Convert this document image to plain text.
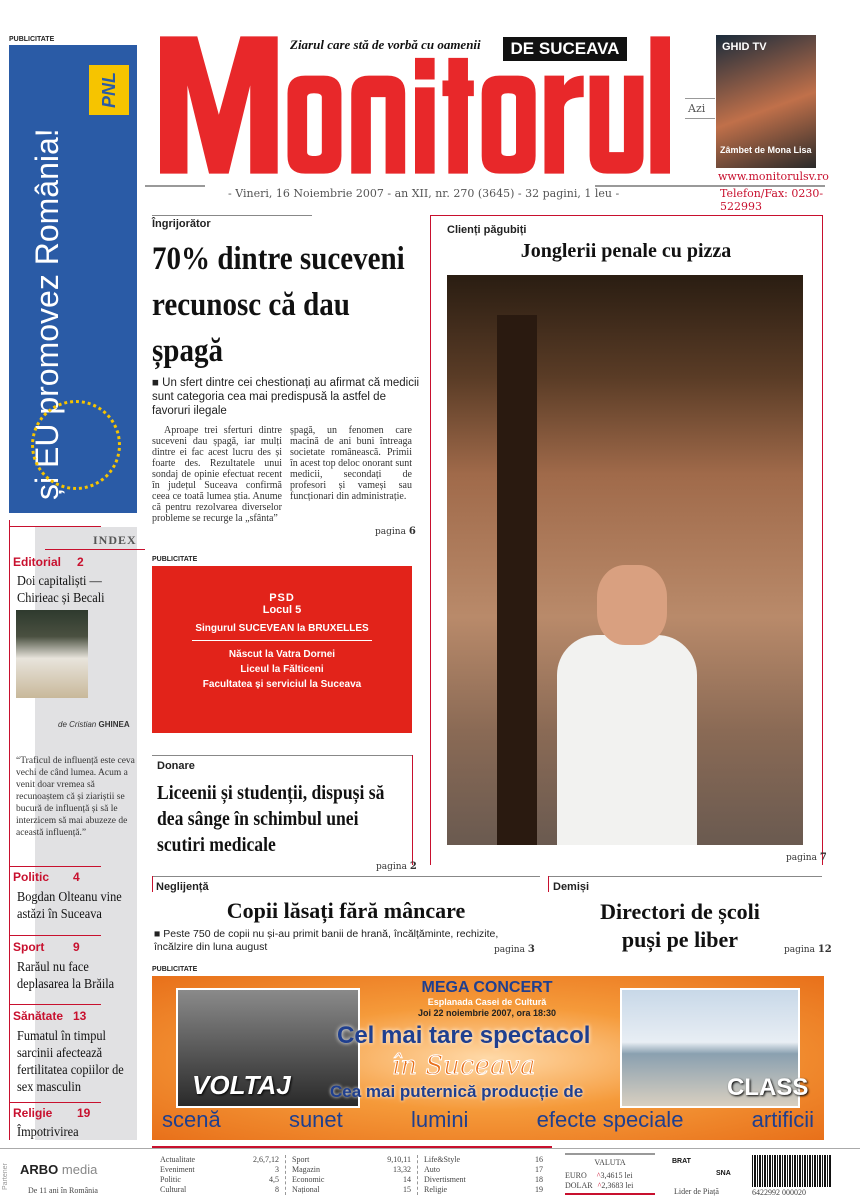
PUBLICITATE
PNL
și EU promovez România!
Ziarul care stă de vorbă cu oamenii	DE SUCEAVA
Azi
GHID TV
Zâmbet de Mona Lisa
www.monitorulsv.ro
- Vineri, 16 Noiembrie 2007 - an XII, nr. 270 (3645) - 32 pagini, 1 leu -	Telefon/Fax: 0230-522993
Îngrijorător
70% dintre suceveni recunosc că dau șpagă
■ Un sfert dintre cei chestionați au afirmat că medicii sunt categoria cea mai predispusă la astfel de favoruri ilegale
Aproape trei sferturi dintre suceveni dau șpagă, iar mulți dintre ei fac acest lucru des și foarte des. Rezultatele unui sondaj de opinie efectuat recent în județul Suceava confirmă ceea ce toată lumea știa. Anume că pentru rezolvarea diverselor probleme se recurge la „sfânta”
șpagă, un fenomen care macină de ani buni întreaga societate românească. Primii în acest top deloc onorant sunt medicii, secondați de profesori și vameși sau funcționari din administrație.
pagina 6
Clienți păgubiți
Jonglerii penale cu pizza
pagina 7
INDEX
Editorial 2
Doi capitaliști — Chirieac și Becali
de Cristian GHINEA
“Traficul de influență este ceva vechi de când lumea. Acum a venit doar vremea să recunoaștem că și ziariștii se bucură de influență și să le interzicem să mai abuzeze de această influență.”
Politic 4
Bogdan Olteanu vine astăzi în Suceava
Sport 9
Rarăul nu face deplasarea la Brăila
Sănătate 13
Fumatul în timpul sarcinii afectează fertilitatea copiilor de sex masculin
Religie 19
Împotrivirea
PUBLICITATE
PSD
Locul 5
Singurul SUCEVEAN la BRUXELLES
Născut la Vatra Dornei
Liceul la Fălticeni
Facultatea și serviciul la Suceava
Donare
Liceenii și studenții, dispuși să dea sânge în schimbul unei scutiri medicale
pagina 2
Neglijență
Copii lăsați fără mâncare
■ Peste 750 de copii nu și-au primit banii de hrană, încălțăminte, rechizite, încălzire din luna august	pagina 3
Demiși
Directori de școli puși pe liber	pagina 12
PUBLICITATE
VOLTAJ	CLASS
MEGA CONCERT
Esplanada Casei de Cultură
Joi 22 noiembrie 2007, ora 18:30
Cel mai tare spectacol
în Suceava
Cea mai puternică producție de
scenă	sunet	lumini	efecte speciale	artificii
Partener ARBO media
De 11 ani în România
Actualitate	2,6,7,12
Eveniment	3
Politic	4,5
Cultural	8
Sport	9,10,11
Magazin	13,32
Economic	14
Național	15
Life&Style	16
Auto	17
Divertisment	18
Religie	19
VALUTA
EURO ^3,4615 lei
DOLAR ^2,3683 lei
BRAT
SNA
Lider de Piață	6422992 000020
